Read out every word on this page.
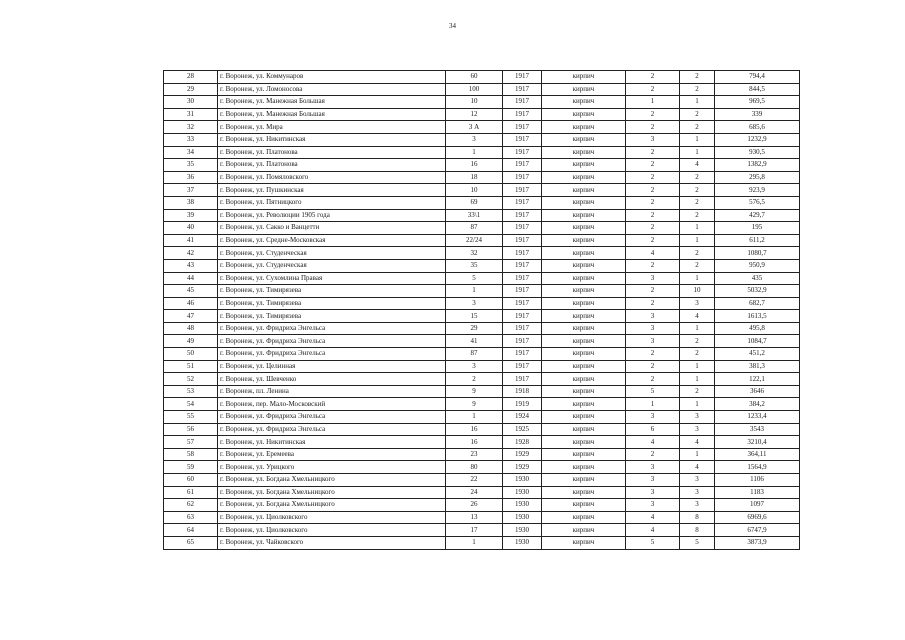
34
28	г. Воронеж, ул. Коммунаров	60	1917	кирпич	2	2	794,4
29	г. Воронеж, ул. Ломоносова	100	1917	кирпич	2	2	844,5
30	г. Воронеж, ул. Манежная Большая	10	1917	кирпич	1	1	969,5
31	г. Воронеж, ул. Манежная Большая	12	1917	кирпич	2	2	339
32	г. Воронеж, ул. Мира	3 А	1917	кирпич	2	2	685,6
33	г. Воронеж, ул. Никитинская	3	1917	кирпич	3	1	1232,9
34	г. Воронеж, ул. Платонова	1	1917	кирпич	2	1	930,5
35	г. Воронеж, ул. Платонова	16	1917	кирпич	2	4	1382,9
36	г. Воронеж, ул. Помяловского	18	1917	кирпич	2	2	295,8
37	г. Воронеж, ул. Пушкинская	10	1917	кирпич	2	2	923,9
38	г. Воронеж, ул. Пятницкого	69	1917	кирпич	2	2	576,5
39	г. Воронеж, ул. Революции 1905 года	33\1	1917	кирпич	2	2	429,7
40	г. Воронеж, ул. Сакко и Ванцетти	87	1917	кирпич	2	1	195
41	г. Воронеж, ул. Средне-Московская	22/24	1917	кирпич	2	1	611,2
42	г. Воронеж, ул. Студенческая	32	1917	кирпич	4	2	1080,7
43	г. Воронеж, ул. Студенческая	35	1917	кирпич	2	2	950,9
44	г. Воронеж, ул. Сухомлина Правая	5	1917	кирпич	3	1	435
45	г. Воронеж, ул. Тимирязева	1	1917	кирпич	2	10	5032,9
46	г. Воронеж, ул. Тимирязева	3	1917	кирпич	2	3	682,7
47	г. Воронеж, ул. Тимирязева	15	1917	кирпич	3	4	1613,5
48	г. Воронеж, ул. Фридриха Энгельса	29	1917	кирпич	3	1	495,8
49	г. Воронеж, ул. Фридриха Энгельса	41	1917	кирпич	3	2	1084,7
50	г. Воронеж, ул. Фридриха Энгельса	87	1917	кирпич	2	2	451,2
51	г. Воронеж, ул. Целинная	3	1917	кирпич	2	1	381,3
52	г. Воронеж, ул. Шевченко	2	1917	кирпич	2	1	122,1
53	г. Воронеж, пл. Ленина	9	1918	кирпич	5	2	3646
54	г. Воронеж, пер. Мало-Московский	9	1919	кирпич	1	1	384,2
55	г. Воронеж, ул. Фридриха Энгельса	1	1924	кирпич	3	3	1233,4
56	г. Воронеж, ул. Фридриха Энгельса	16	1925	кирпич	6	3	3543
57	г. Воронеж, ул. Никитинская	16	1928	кирпич	4	4	3210,4
58	г. Воронеж, ул. Еремеева	23	1929	кирпич	2	1	364,11
59	г. Воронеж, ул. Урицкого	80	1929	кирпич	3	4	1564,9
60	г. Воронеж, ул. Богдана Хмельницкого	22	1930	кирпич	3	3	1106
61	г. Воронеж, ул. Богдана Хмельницкого	24	1930	кирпич	3	3	1183
62	г. Воронеж, ул. Богдана Хмельницкого	26	1930	кирпич	3	3	1097
63	г. Воронеж, ул. Циолковского	13	1930	кирпич	4	8	6969,6
64	г. Воронеж, ул. Циолковского	17	1930	кирпич	4	8	6747,9
65	г. Воронеж, ул. Чайковского	1	1930	кирпич	5	5	3873,9
